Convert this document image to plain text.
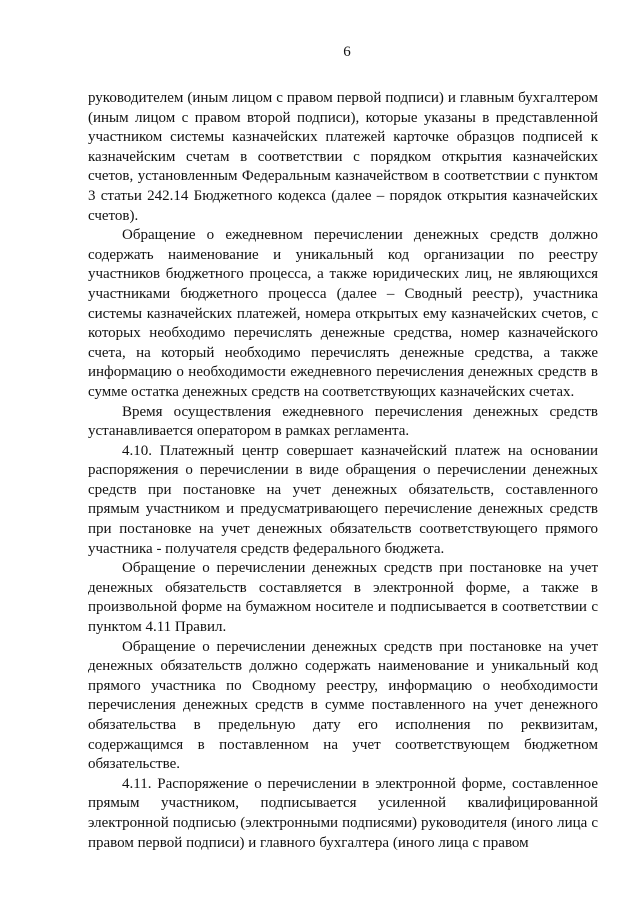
6

руководителем (иным лицом с правом первой подписи) и главным бухгалтером (иным лицом с правом второй подписи), которые указаны в представленной участником системы казначейских платежей карточке образцов подписей к казначейским счетам в соответствии с порядком открытия казначейских счетов, установленным Федеральным казначейством в соответствии с пунктом 3 статьи 242.14 Бюджетного кодекса (далее – порядок открытия казначейских счетов).

Обращение о ежедневном перечислении денежных средств должно содержать наименование и уникальный код организации по реестру участников бюджетного процесса, а также юридических лиц, не являющихся участниками бюджетного процесса (далее – Сводный реестр), участника системы казначейских платежей, номера открытых ему казначейских счетов, с которых необходимо перечислять денежные средства, номер казначейского счета, на который необходимо перечислять денежные средства, а также информацию о необходимости ежедневного перечисления денежных средств в сумме остатка денежных средств на соответствующих казначейских счетах.

Время осуществления ежедневного перечисления денежных средств устанавливается оператором в рамках регламента.

4.10. Платежный центр совершает казначейский платеж на основании распоряжения о перечислении в виде обращения о перечислении денежных средств при постановке на учет денежных обязательств, составленного прямым участником и предусматривающего перечисление денежных средств при постановке на учет денежных обязательств соответствующего прямого участника - получателя средств федерального бюджета.

Обращение о перечислении денежных средств при постановке на учет денежных обязательств составляется в электронной форме, а также в произвольной форме на бумажном носителе и подписывается в соответствии с пунктом 4.11 Правил.

Обращение о перечислении денежных средств при постановке на учет денежных обязательств должно содержать наименование и уникальный код прямого участника по Сводному реестру, информацию о необходимости перечисления денежных средств в сумме поставленного на учет денежного обязательства в предельную дату его исполнения по реквизитам, содержащимся в поставленном на учет соответствующем бюджетном обязательстве.

4.11. Распоряжение о перечислении в электронной форме, составленное прямым участником, подписывается усиленной квалифицированной электронной подписью (электронными подписями) руководителя (иного лица с правом первой подписи) и главного бухгалтера (иного лица с правом
